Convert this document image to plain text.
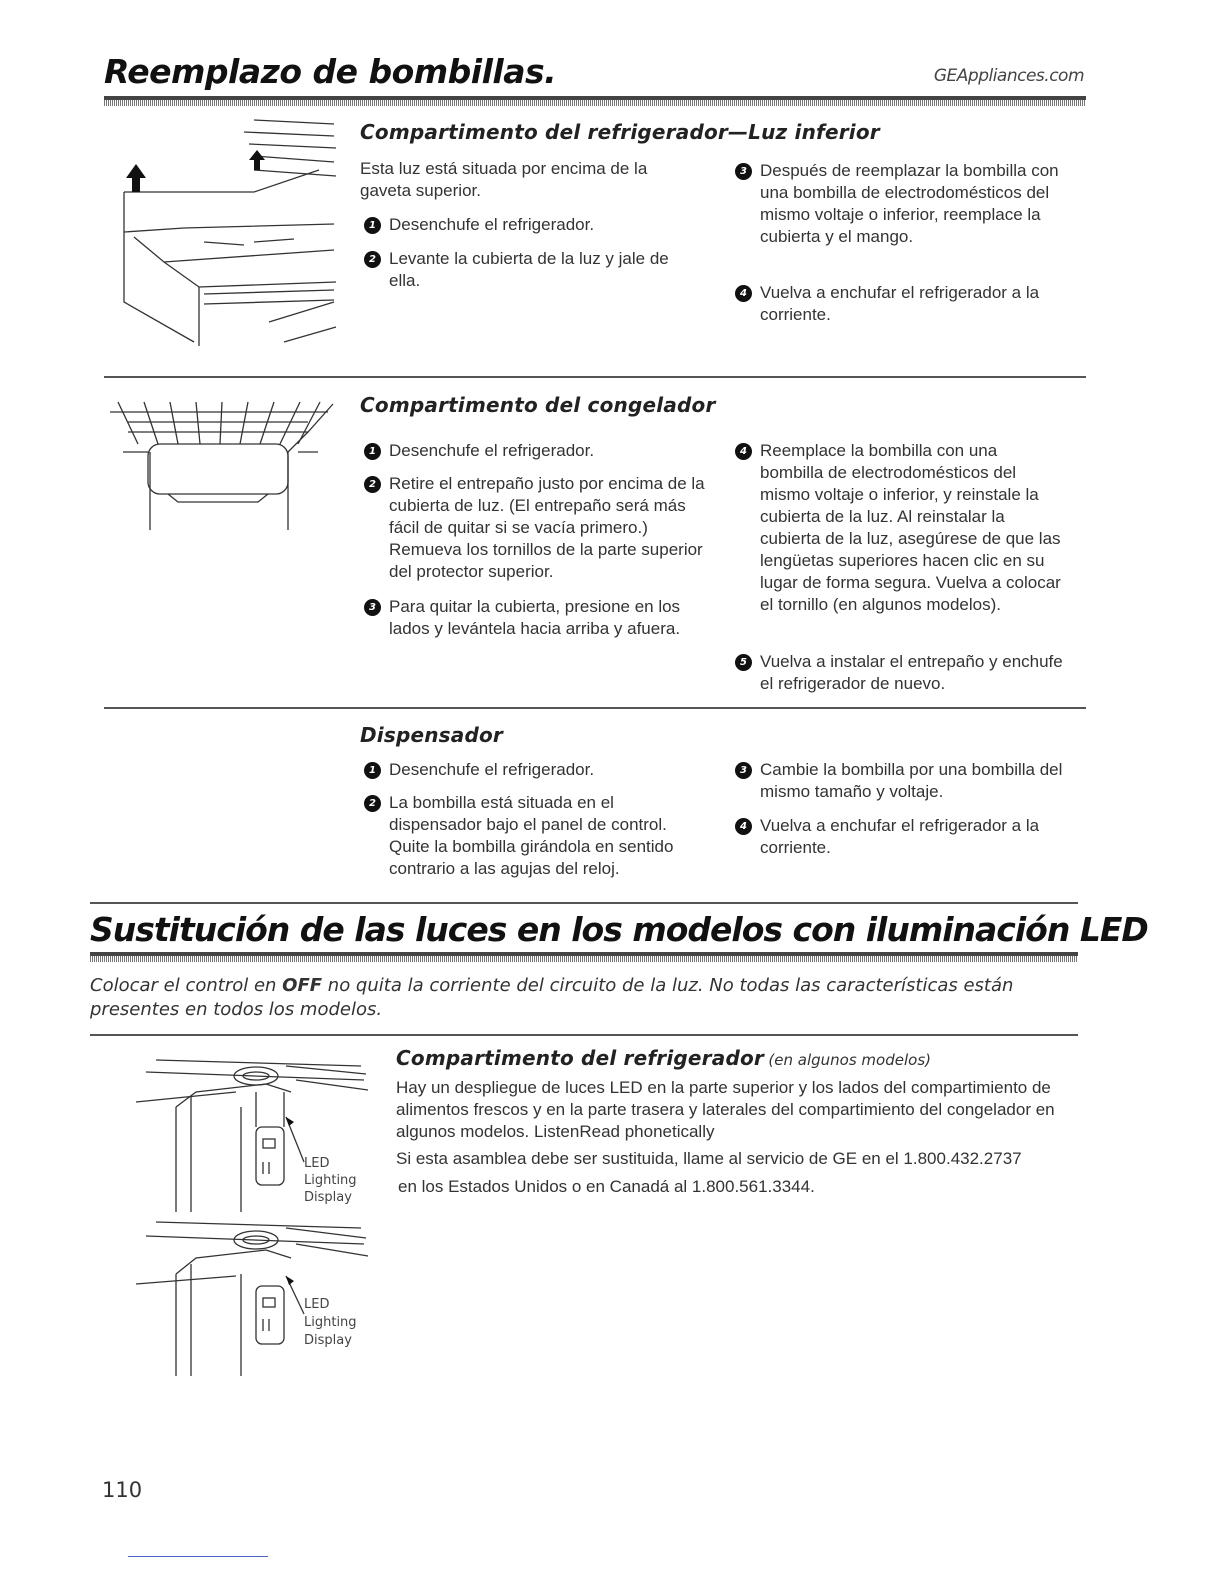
Reemplazo de bombillas.	GEAppliances.com
Compartimento del refrigerador—Luz inferior
Esta luz está situada por encima de la gaveta superior.
1 Desenchufe el refrigerador.
2 Levante la cubierta de la luz y jale de ella.
3 Después de reemplazar la bombilla con una bombilla de electrodomésticos del mismo voltaje o inferior, reemplace la cubierta y el mango.
4 Vuelva a enchufar el refrigerador a la corriente.
Compartimento del congelador
1 Desenchufe el refrigerador.
2 Retire el entrepaño justo por encima de la cubierta de luz. (El entrepaño será más fácil de quitar si se vacía primero.) Remueva los tornillos de la parte superior del protector superior.
3 Para quitar la cubierta, presione en los lados y levántela hacia arriba y afuera.
4 Reemplace la bombilla con una bombilla de electrodomésticos del mismo voltaje o inferior, y reinstale la cubierta de la luz. Al reinstalar la cubierta de la luz, asegúrese de que las lengüetas superiores hacen clic en su lugar de forma segura. Vuelva a colocar el tornillo (en algunos modelos).
5 Vuelva a instalar el entrepaño y enchufe el refrigerador de nuevo.
Dispensador
1 Desenchufe el refrigerador.
2 La bombilla está situada en el dispensador bajo el panel de control. Quite la bombilla girándola en sentido contrario a las agujas del reloj.
3 Cambie la bombilla por una bombilla del mismo tamaño y voltaje.
4 Vuelva a enchufar el refrigerador a la corriente.
Sustitución de las luces en los modelos con iluminación LED
Colocar el control en OFF no quita la corriente del circuito de la luz. No todas las características están presentes en todos los modelos.
LED
Lighting
Display
LED
Lighting
Display
Compartimento del refrigerador (en algunos modelos)
Hay un despliegue de luces LED en la parte superior y los lados del compartimiento de alimentos frescos y en la parte trasera y laterales del compartimiento del congelador en algunos modelos. ListenRead phonetically
Si esta asamblea debe ser sustituida, llame al servicio de GE en el 1.800.432.2737
en los Estados Unidos o en Canadá al 1.800.561.3344.
110
